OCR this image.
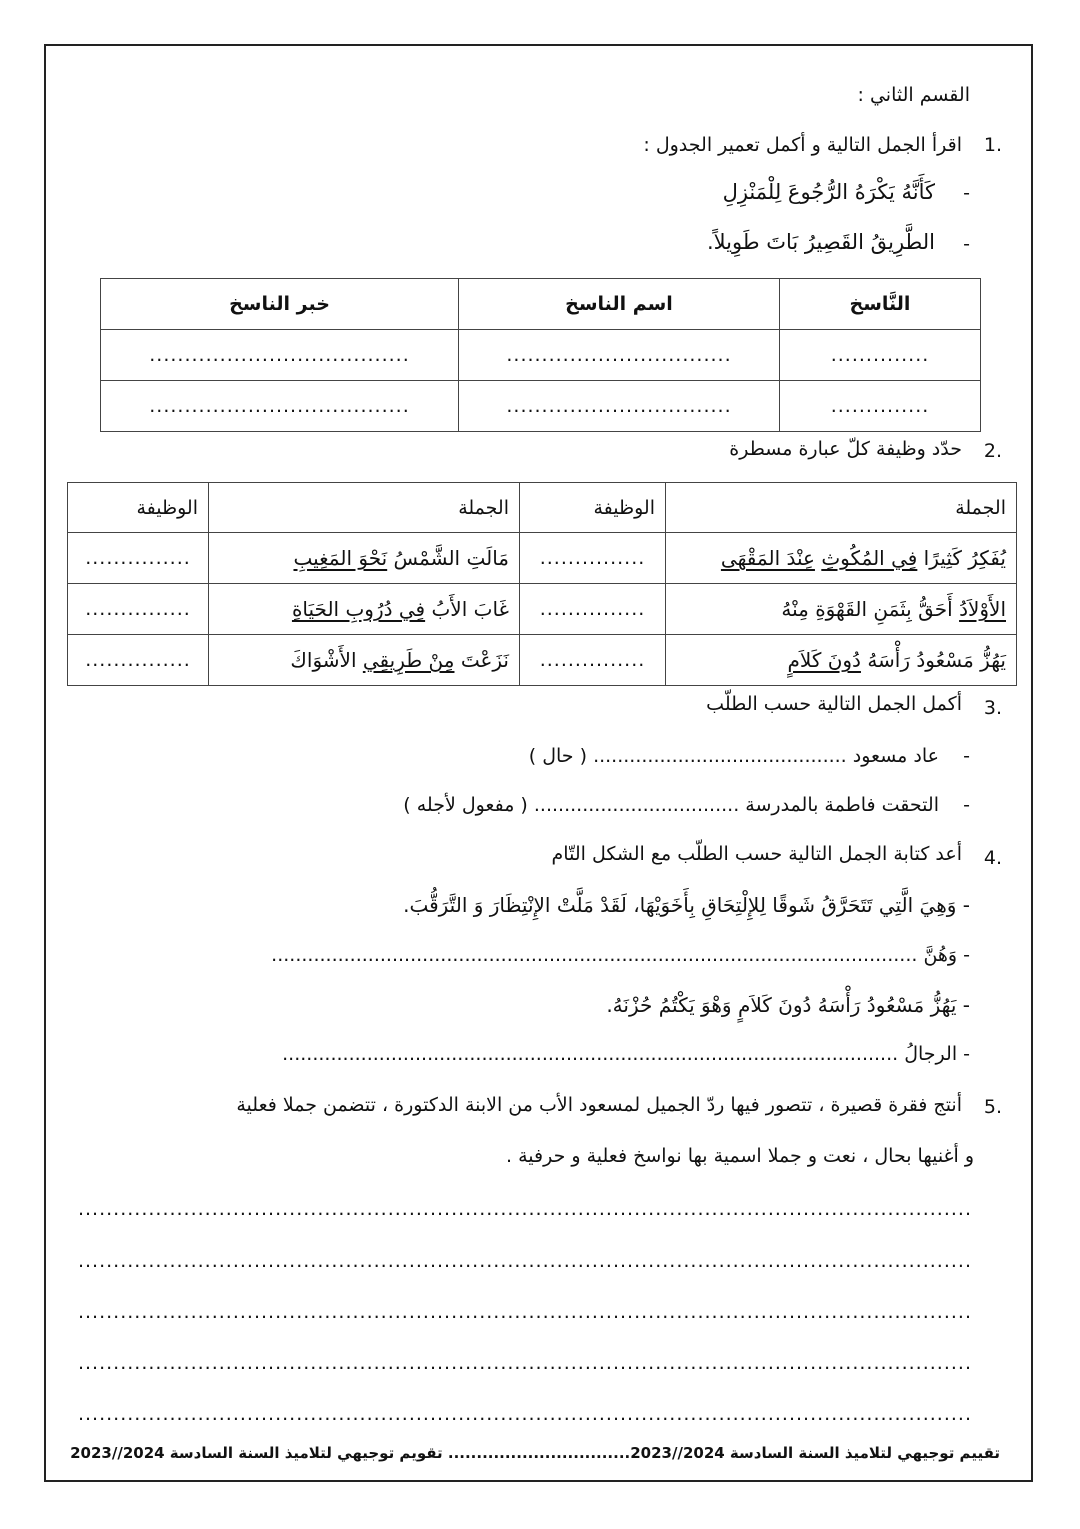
القسم الثاني :
.1
اقرأ الجمل التالية و أكمل تعمير الجدول :
-
كَأَنَّهُ يَكْرَهُ الرُّجُوعَ لِلْمَنْزِلِ
-
الطَّرِيقُ القَصِيرُ بَاتَ طَوِيلاً.
النَّاسخ	اسم الناسخ	خبر الناسخ
..............	................................	.....................................
..............	................................	.....................................
.2
حدّد وظيفة كلّ عبارة مسطرة
الجملة	الوظيفة	الجملة	الوظيفة
يُفَكِرُ كَثِيرًا فِي المُكُوثِ عِنْدَ المَقْهَى	...............	مَالَتِ الشَّمْسُ نَحْوَ المَغِيبِ	...............
الأَوْلاَدُ أَحَقُّ بِثَمَنِ القَهْوَةِ مِنْهُ	...............	غَابَ الأَبُ فِي دُرُوبِ الحَيَاةِ	...............
يَهُزُّ مَسْعُودُ رَأْسَهُ دُونَ كَلاَمٍ	...............	نَزَعْتَ مِنْ طَرِيقِي الأَشْوَاكَ	...............
.3
أكمل الجمل التالية حسب الطلّب
-    عاد مسعود .......................................... ( حال )
-    التحقت فاطمة بالمدرسة .................................. ( مفعول لأجله )
.4
أعد كتابة الجمل التالية حسب الطلّب مع الشكل التّام
- وَهِيَ الَّتِي تَتَحَرَّقُ شَوقًا لِلإِلْتِحَاقِ بِأَخَوَيْهَا، لَقَدْ مَلَّتْ الإِنْتِظَارَ وَ التَّرَقُّبَ.
- وَهُنَّ ...........................................................................................................
- يَهُزُّ مَسْعُودُ رَأْسَهُ دُونَ كَلاَمٍ وَهْوَ يَكْتُمُ حُزْنَهُ.
- الرجالُ ......................................................................................................
.5
أنتج فقرة قصيرة ، تتصور فيها ردّ الجميل لمسعود الأب من الابنة الدكتورة ، تتضمن جملا فعلية
و أغنيها بحال ، نعت و جملا اسمية بها نواسخ فعلية و حرفية .
...............................................................................................................................
...............................................................................................................................
...............................................................................................................................
...............................................................................................................................
...............................................................................................................................
تقييم توجيهي لتلاميذ السنة السادسة 2024//2023................................ تقويم توجيهي لتلاميذ السنة السادسة 2024//2023
